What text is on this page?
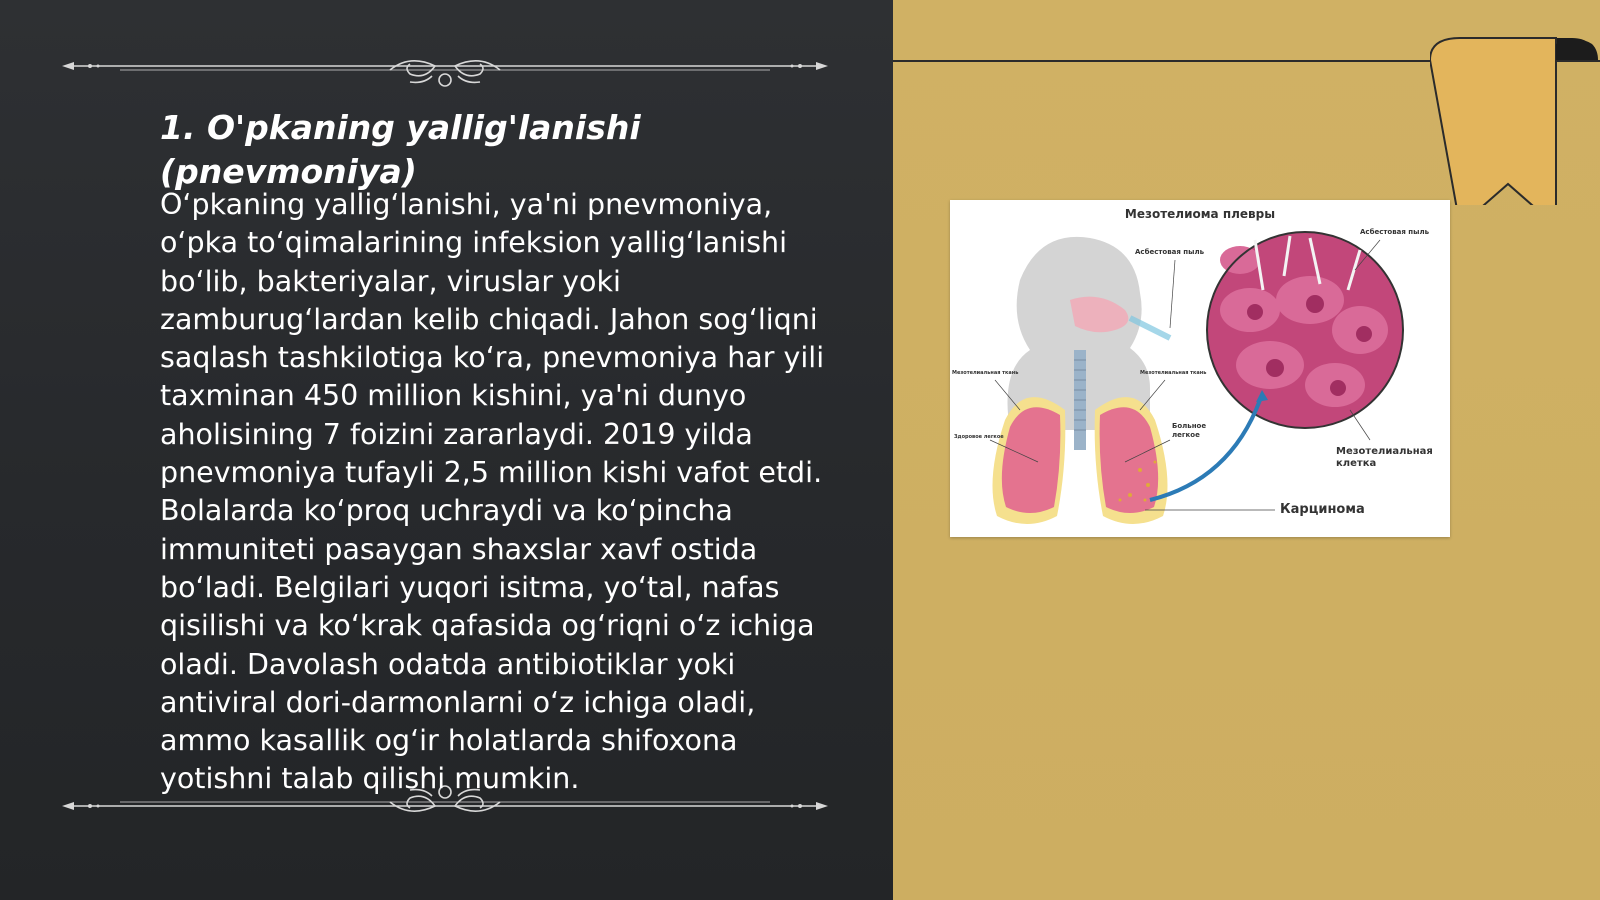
1. O'pkaning yallig'lanishi (pnevmoniya)

O‘pkaning yallig‘lanishi, ya'ni pnevmoniya, o‘pka to‘qimalarining infeksion yallig‘lanishi bo‘lib, bakteriyalar, viruslar yoki zamburug‘lardan kelib chiqadi. Jahon sog‘liqni saqlash tashkilotiga ko‘ra, pnevmoniya har yili taxminan 450 million kishini, ya'ni dunyo aholisining 7 foizini zararlaydi. 2019 yilda pnevmoniya tufayli 2,5 million kishi vafot etdi. Bolalarda ko‘proq uchraydi va ko‘pincha immuniteti pasaygan shaxslar xavf ostida bo‘ladi. Belgilari yuqori isitma, yo‘tal, nafas qisilishi va ko‘krak qafasida og‘riqni o‘z ichiga oladi. Davolash odatda antibiotiklar yoki antiviral dori-darmonlarni o‘z ichiga oladi, ammo kasallik og‘ir holatlarda shifoxona yotishni talab qilishi mumkin.

Мезотелиома плевры
Асбестовая пыль
Асбестовая пыль
Мезотелиальная ткань	Мезотелиальная ткань
Здоровое легкое
Больное легкое
Мезотелиальная клетка
Карцинома
